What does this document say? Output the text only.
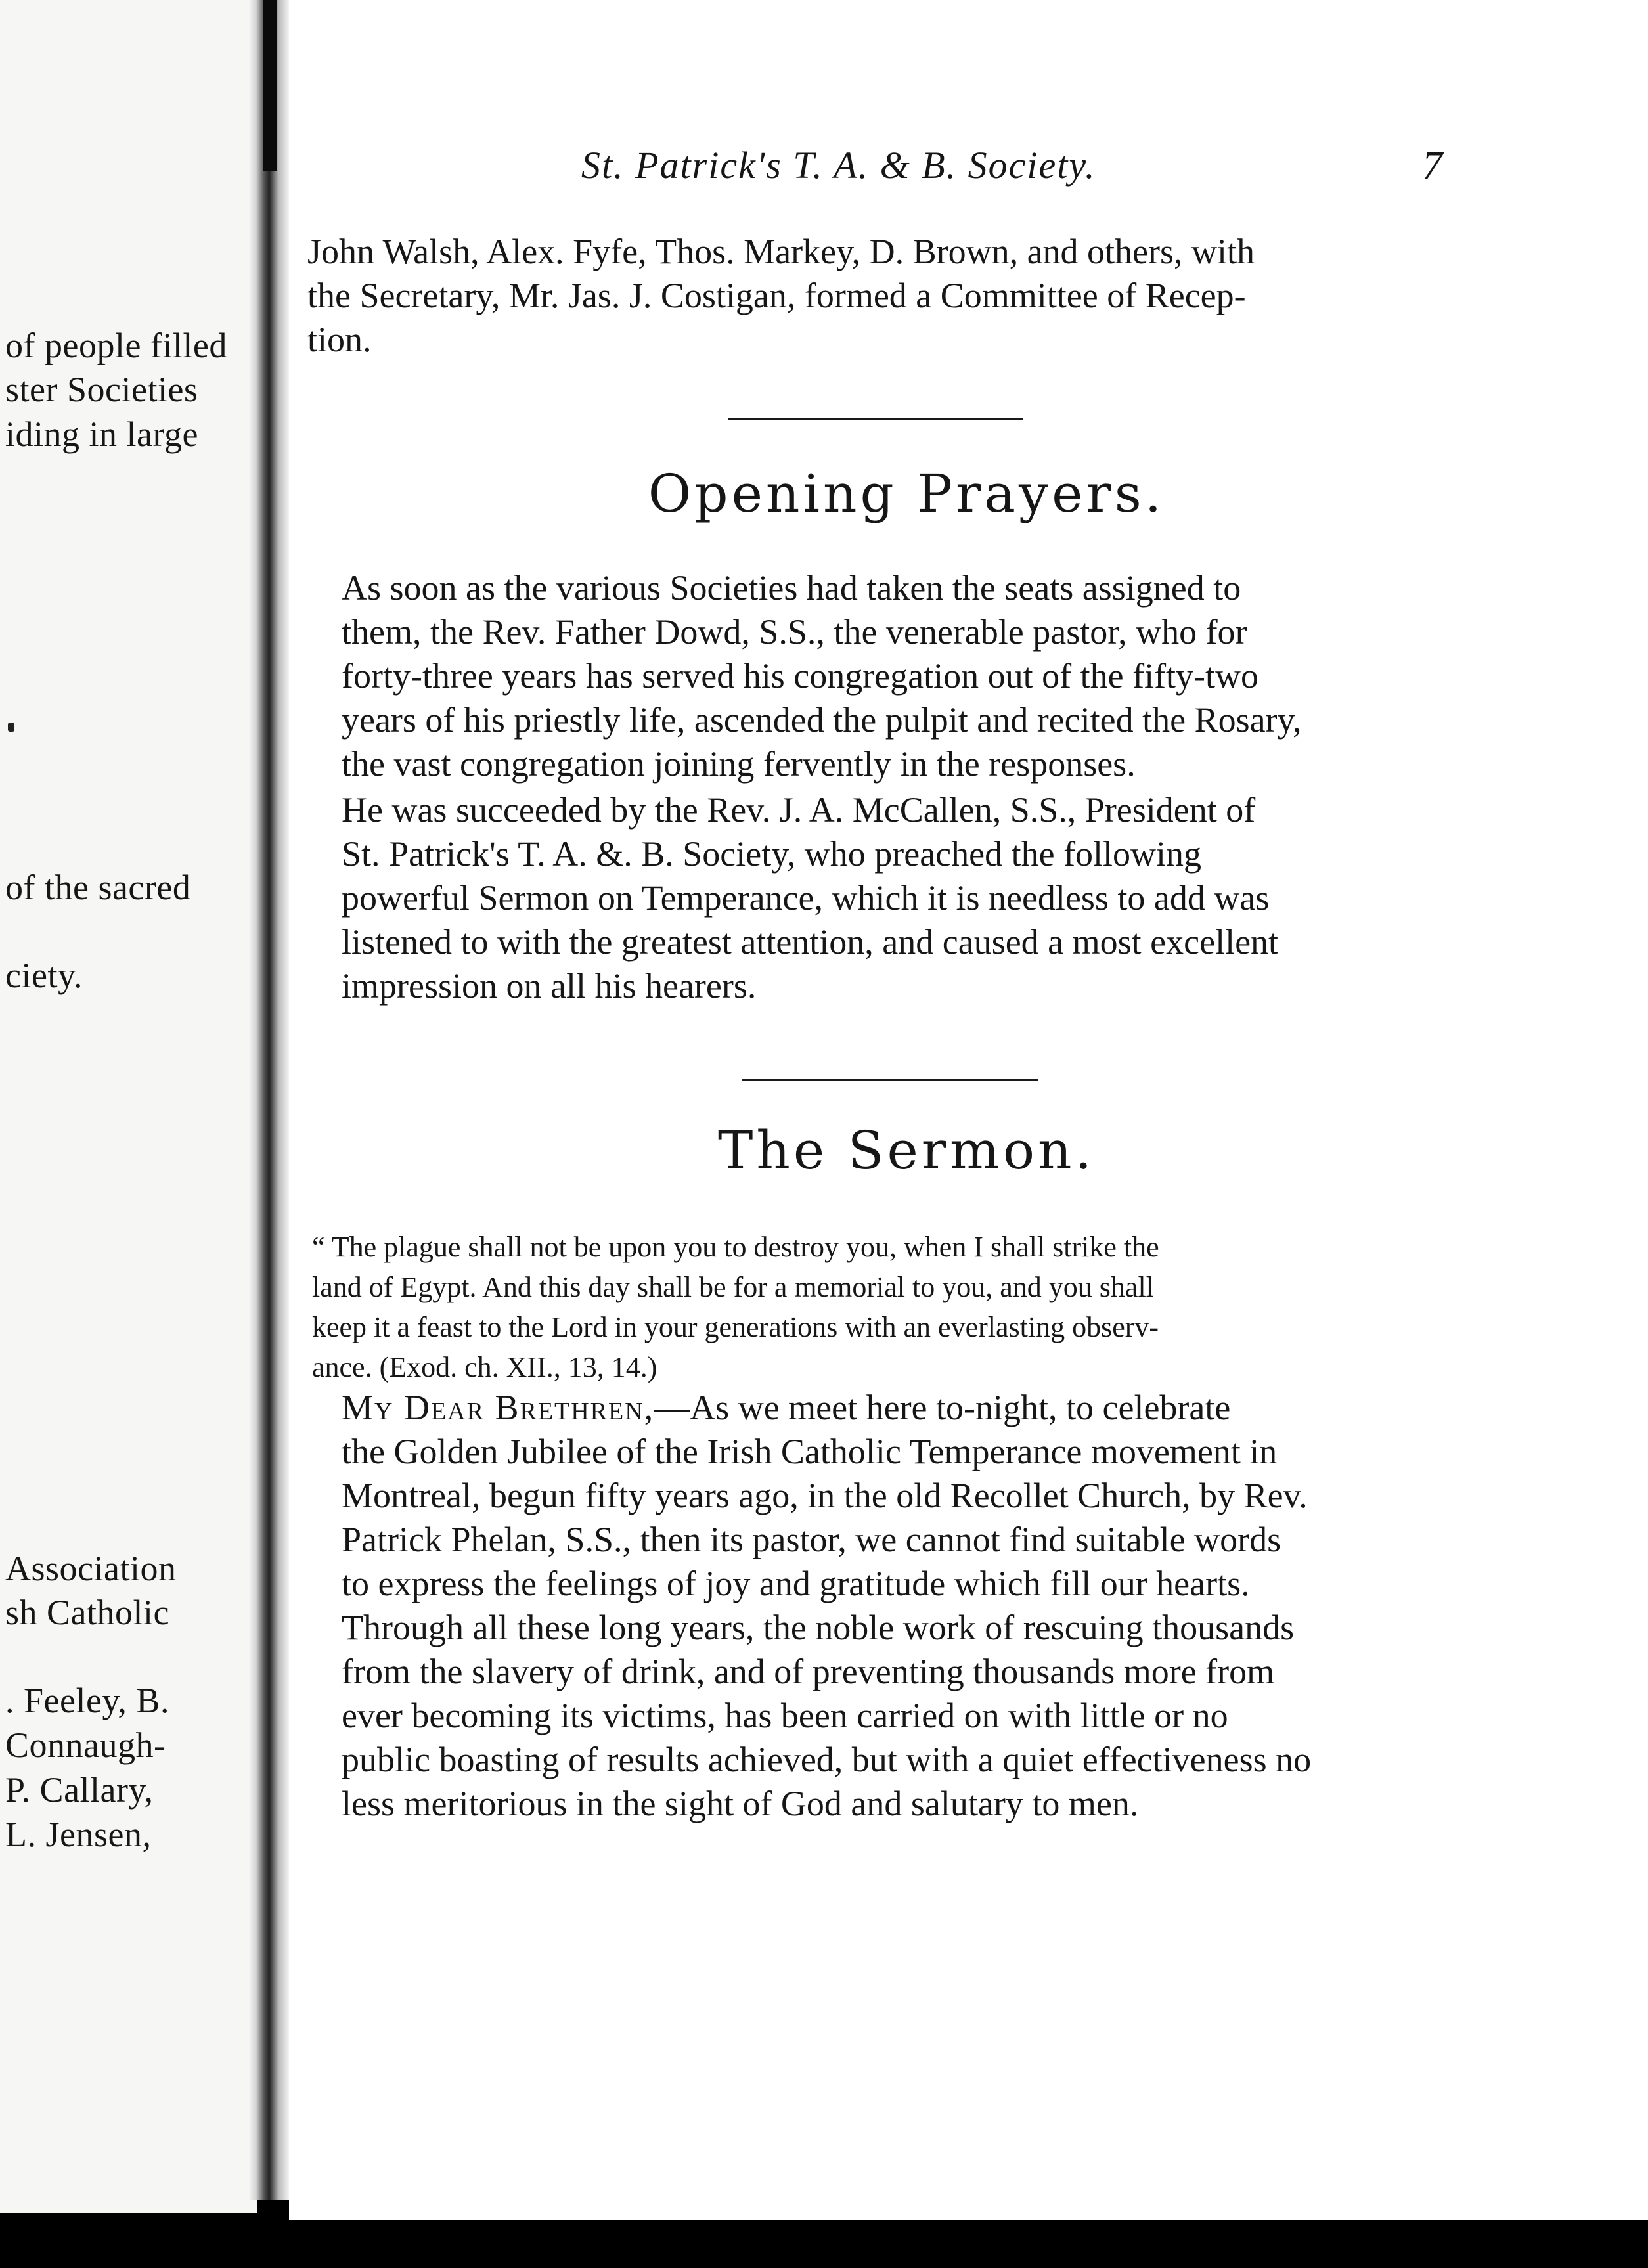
of people filled
ster Societies
iding in large
of the sacred
ciety.
Association
sh Catholic
. Feeley, B.
Connaugh-
P. Callary,
L. Jensen,
St. Patrick's T. A. & B. Society.	7

John Walsh, Alex. Fyfe, Thos. Markey, D. Brown, and others, with
the Secretary, Mr. Jas. J. Costigan, formed a Committee of Recep-
tion.

Opening Prayers.

As soon as the various Societies had taken the seats assigned to
them, the Rev. Father Dowd, S.S., the venerable pastor, who for
forty-three years has served his congregation out of the fifty-two
years of his priestly life, ascended the pulpit and recited the Rosary,
the vast congregation joining fervently in the responses.

He was succeeded by the Rev. J. A. McCallen, S.S., President of
St. Patrick's T. A. &. B. Society, who preached the following
powerful Sermon on Temperance, which it is needless to add was
listened to with the greatest attention, and caused a most excellent
impression on all his hearers.

The Sermon.

“ The plague shall not be upon you to destroy you, when I shall strike the
land of Egypt. And this day shall be for a memorial to you, and you shall
keep it a feast to the Lord in your generations with an everlasting observ-
ance. (Exod. ch. XII., 13, 14.)

My Dear Brethren,—As we meet here to-night, to celebrate
the Golden Jubilee of the Irish Catholic Temperance movement in
Montreal, begun fifty years ago, in the old Recollet Church, by Rev.
Patrick Phelan, S.S., then its pastor, we cannot find suitable words
to express the feelings of joy and gratitude which fill our hearts.
Through all these long years, the noble work of rescuing thousands
from the slavery of drink, and of preventing thousands more from
ever becoming its victims, has been carried on with little or no
public boasting of results achieved, but with a quiet effectiveness no
less meritorious in the sight of God and salutary to men.
